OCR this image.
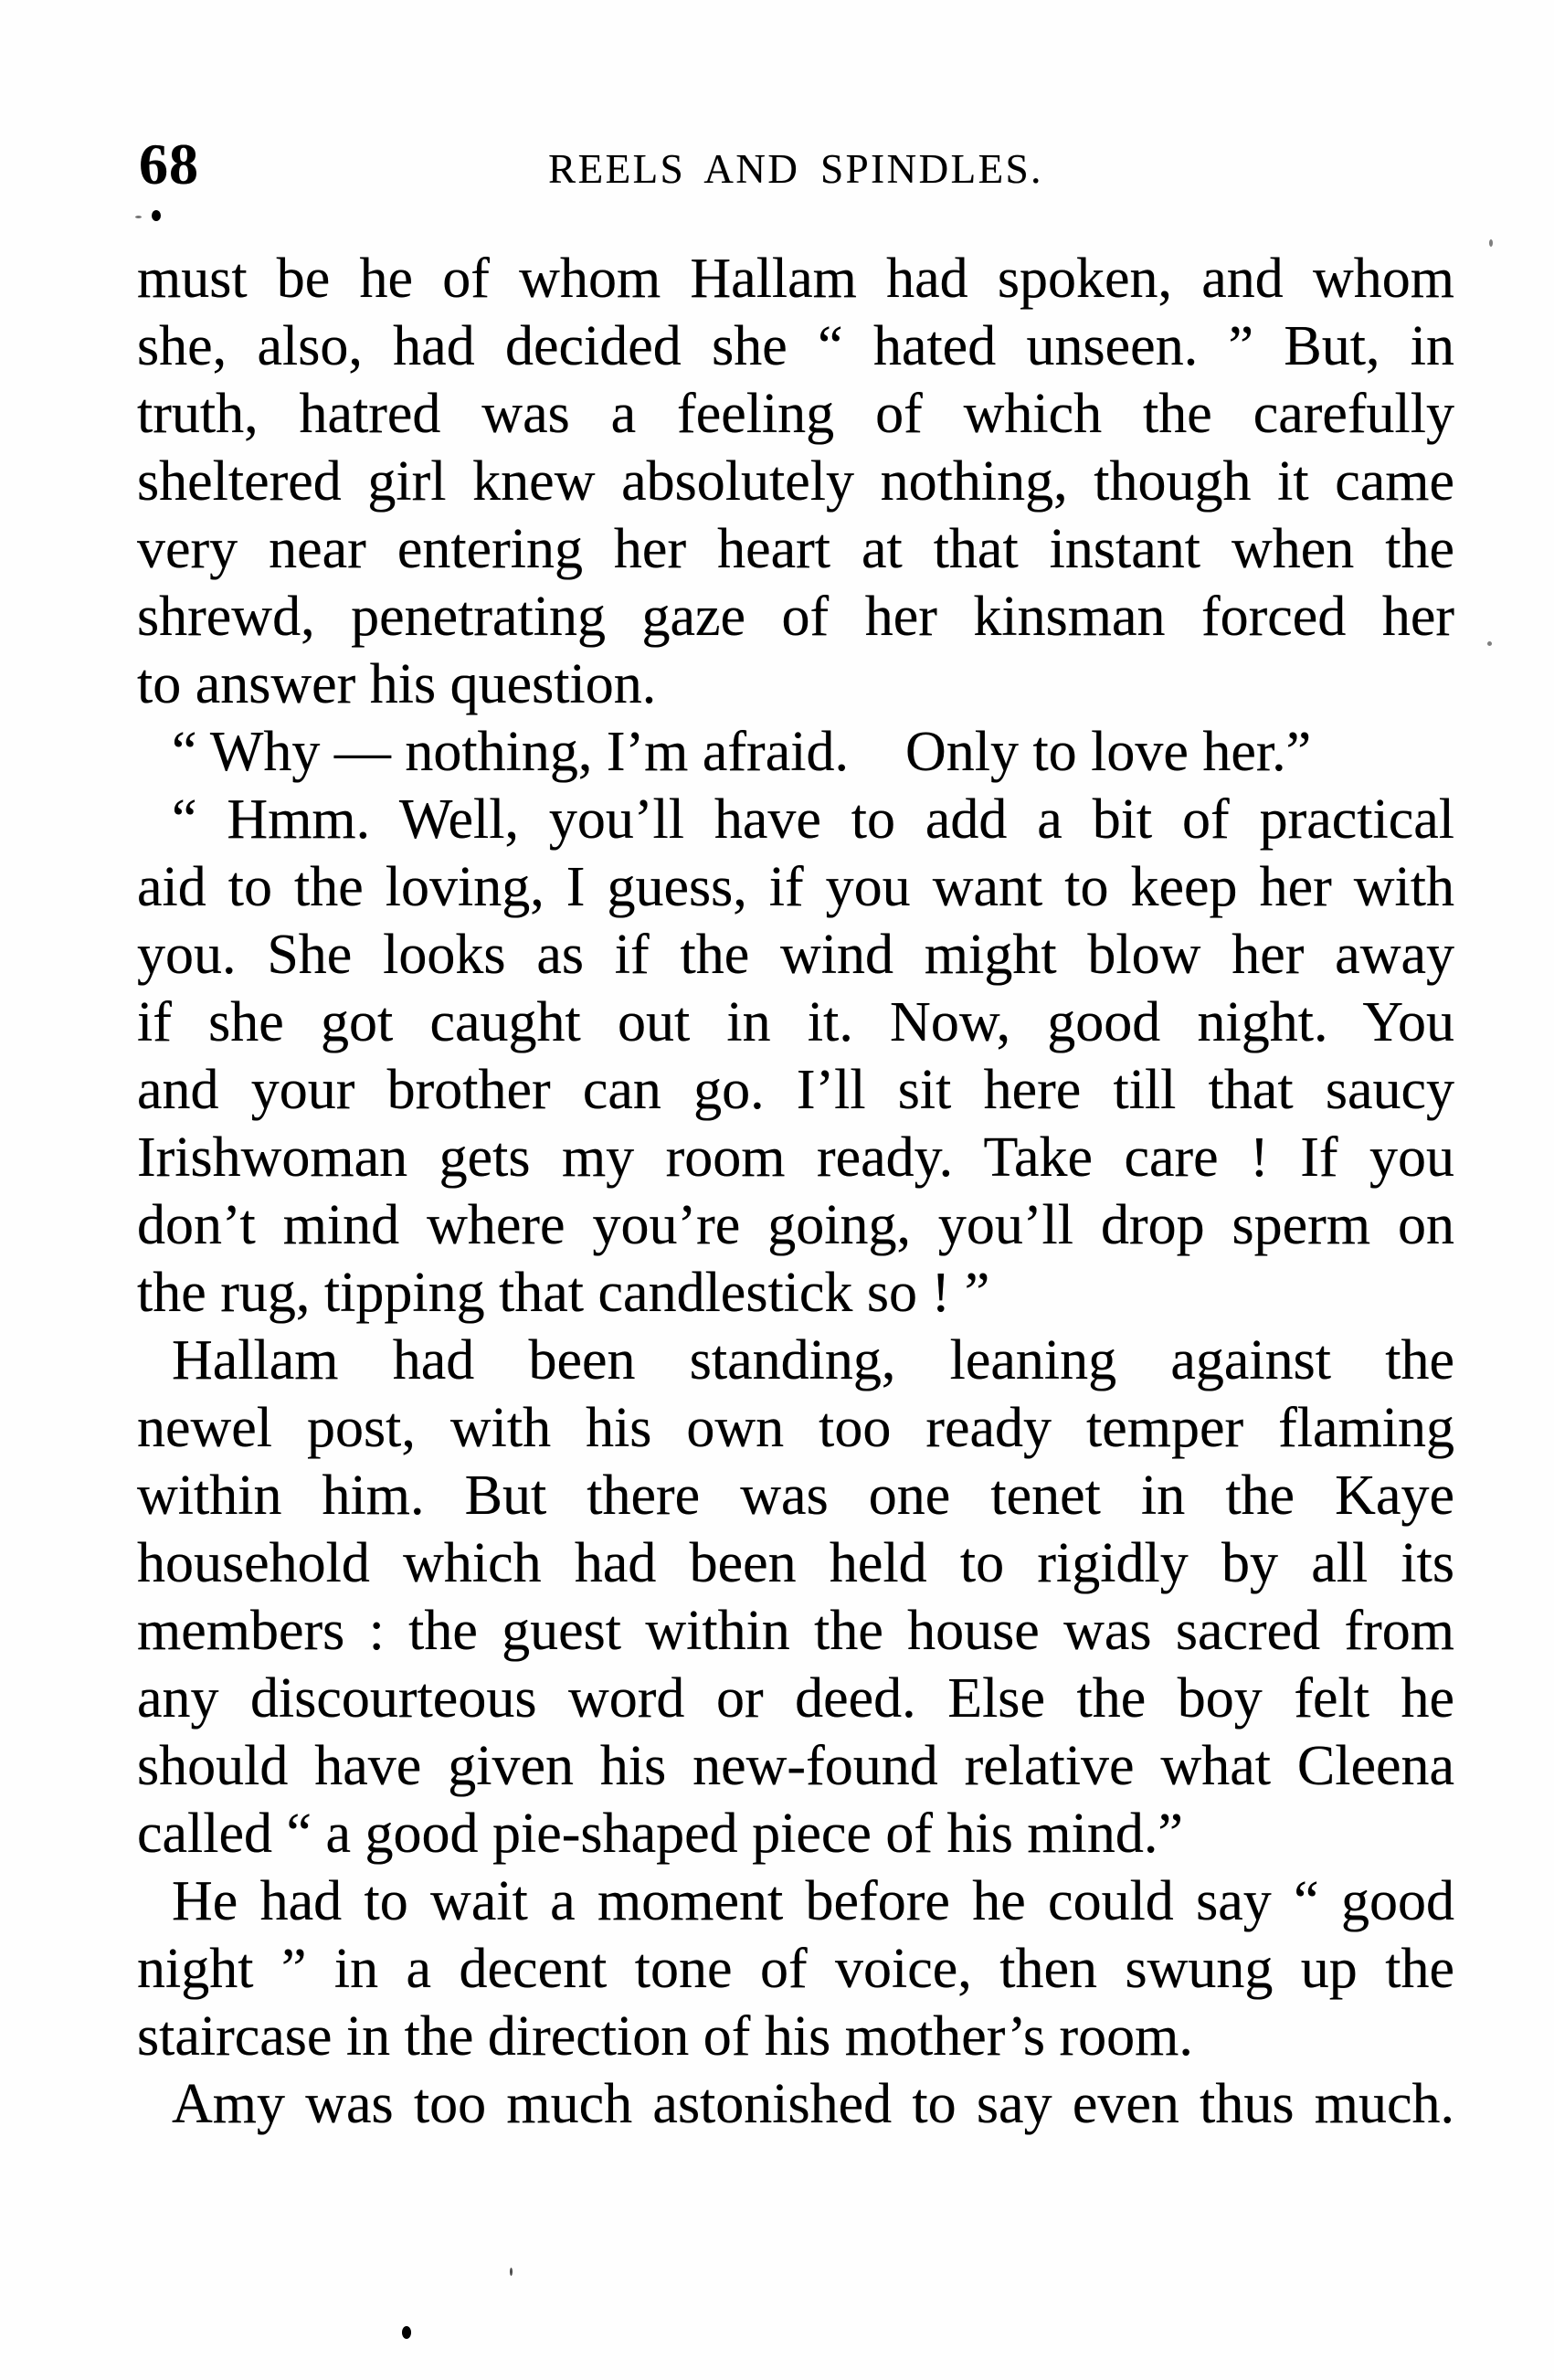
68	REELS AND SPINDLES.
must be he of whom Hallam had spoken, and whom
she, also, had decided she “ hated unseen. ” But, in
truth, hatred was a feeling of which the carefully
sheltered girl knew absolutely nothing, though it came
very near entering her heart at that instant when the
shrewd, penetrating gaze of her kinsman forced her
to answer his question.
“ Why — nothing, I’m afraid. Only to love her.”
“ Hmm. Well, you’ll have to add a bit of practical
aid to the loving, I guess, if you want to keep her with
you. She looks as if the wind might blow her away
if she got caught out in it. Now, good night. You
and your brother can go. I’ll sit here till that saucy
Irishwoman gets my room ready. Take care ! If you
don’t mind where you’re going, you’ll drop sperm on
the rug, tipping that candlestick so ! ”
Hallam had been standing, leaning against the
newel post, with his own too ready temper flaming
within him. But there was one tenet in the Kaye
household which had been held to rigidly by all its
members : the guest within the house was sacred from
any discourteous word or deed. Else the boy felt he
should have given his new-found relative what Cleena
called “ a good pie-shaped piece of his mind.”
He had to wait a moment before he could say “ good
night ” in a decent tone of voice, then swung up the
staircase in the direction of his mother’s room.
Amy was too much astonished to say even thus much.
